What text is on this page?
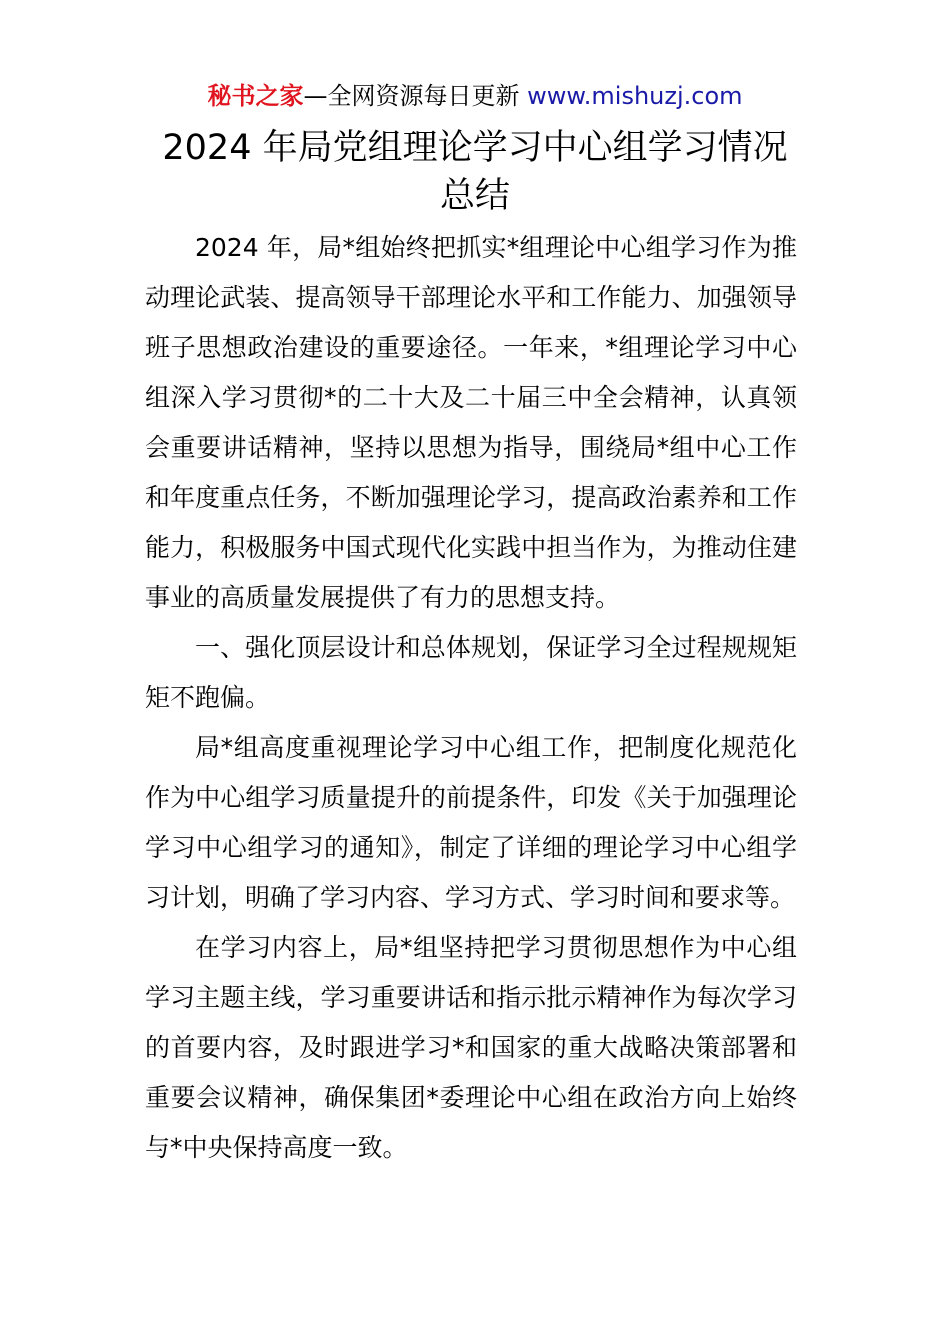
秘书之家—全网资源每日更新 www.mishuzj.com
2024 年局党组理论学习中心组学习情况总结

2024 年，局*组始终把抓实*组理论中心组学习作为推动理论武装、提高领导干部理论水平和工作能力、加强领导班子思想政治建设的重要途径。一年来，*组理论学习中心组深入学习贯彻*的二十大及二十届三中全会精神，认真领会重要讲话精神，坚持以思想为指导，围绕局*组中心工作和年度重点任务，不断加强理论学习，提高政治素养和工作能力，积极服务中国式现代化实践中担当作为，为推动住建事业的高质量发展提供了有力的思想支持。

一、强化顶层设计和总体规划，保证学习全过程规规矩矩不跑偏。

局*组高度重视理论学习中心组工作，把制度化规范化作为中心组学习质量提升的前提条件，印发《关于加强理论学习中心组学习的通知》，制定了详细的理论学习中心组学习计划，明确了学习内容、学习方式、学习时间和要求等。

在学习内容上，局*组坚持把学习贯彻思想作为中心组学习主题主线，学习重要讲话和指示批示精神作为每次学习的首要内容，及时跟进学习*和国家的重大战略决策部署和重要会议精神，确保集团*委理论中心组在政治方向上始终与*中央保持高度一致。
